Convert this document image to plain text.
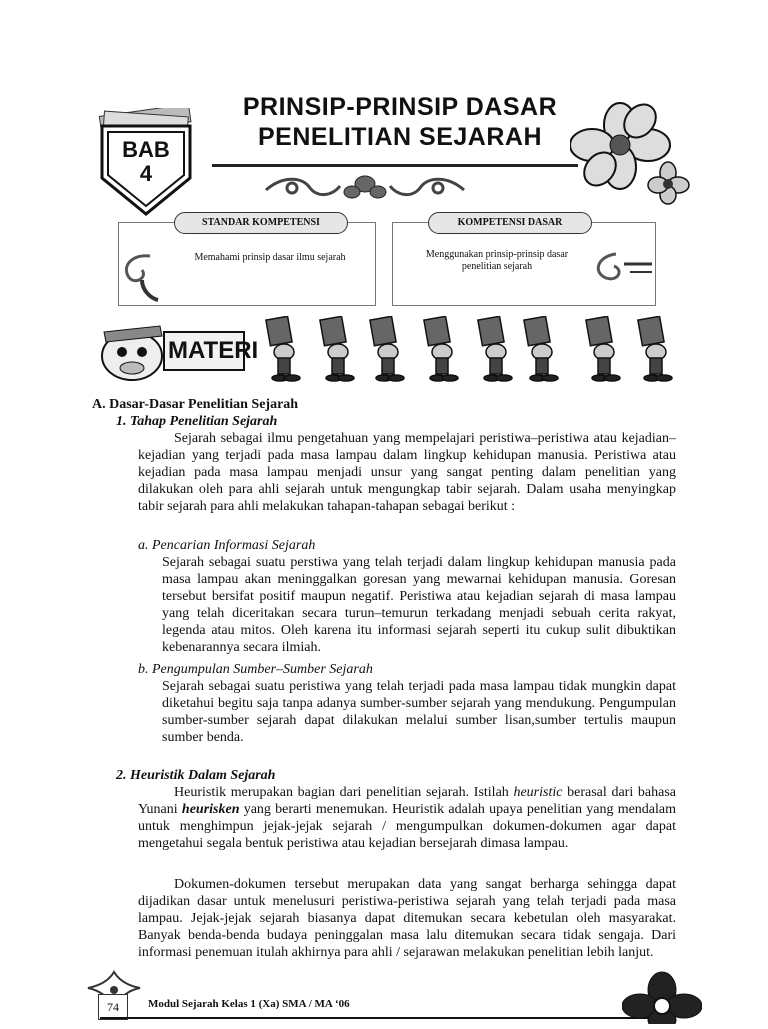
BAB
4
PRINSIP-PRINSIP DASAR
PENELITIAN SEJARAH
STANDAR KOMPETENSI
Memahami prinsip dasar ilmu sejarah
KOMPETENSI DASAR
Menggunakan prinsip-prinsip dasar
penelitian sejarah
MATERI
A. Dasar-Dasar Penelitian Sejarah
1. Tahap Penelitian Sejarah
Sejarah sebagai ilmu pengetahuan yang mempelajari peristiwa–peristiwa atau kejadian–kejadian yang terjadi pada masa lampau dalam lingkup kehidupan manusia. Peristiwa atau kejadian pada masa lampau menjadi unsur yang sangat penting dalam penelitian yang dilakukan oleh para ahli sejarah untuk mengungkap tabir sejarah. Dalam usaha menyingkap tabir sejarah para ahli melakukan tahapan-tahapan sebagai berikut :
a. Pencarian Informasi Sejarah
Sejarah sebagai suatu perstiwa yang telah terjadi dalam lingkup kehidupan manusia pada masa lampau akan meninggalkan goresan yang mewarnai kehidupan manusia. Goresan tersebut bersifat positif maupun negatif. Peristiwa atau kejadian sejarah di masa lampau yang telah diceritakan secara turun–temurun terkadang menjadi sebuah cerita rakyat, legenda atau mitos. Oleh karena itu informasi sejarah seperti itu cukup sulit dibuktikan kebenarannya secara ilmiah.
b. Pengumpulan Sumber–Sumber Sejarah
Sejarah sebagai suatu peristiwa yang telah terjadi pada masa lampau tidak mungkin dapat diketahui begitu saja tanpa adanya sumber-sumber sejarah yang mendukung. Pengumpulan sumber-sumber sejarah dapat dilakukan melalui sumber lisan,sumber tertulis maupun sumber benda.
2. Heuristik Dalam Sejarah
Heuristik merupakan bagian dari penelitian sejarah. Istilah heuristic berasal dari bahasa Yunani heurisken yang berarti menemukan. Heuristik adalah upaya penelitian yang mendalam untuk menghimpun jejak-jejak sejarah / mengumpulkan dokumen-dokumen agar dapat mengetahui segala bentuk peristiwa atau kejadian bersejarah dimasa lampau.
Dokumen-dokumen tersebut merupakan data yang sangat berharga sehingga dapat dijadikan dasar untuk menelusuri peristiwa-peristiwa sejarah yang telah terjadi pada masa lampau. Jejak-jejak sejarah biasanya dapat ditemukan secara kebetulan oleh masyarakat. Banyak benda-benda budaya peninggalan masa lalu ditemukan secara tidak sengaja. Dari informasi penemuan itulah akhirnya para ahli / sejarawan melakukan penelitian lebih lanjut.
74	Modul Sejarah Kelas 1 (Xa) SMA / MA ‘06
